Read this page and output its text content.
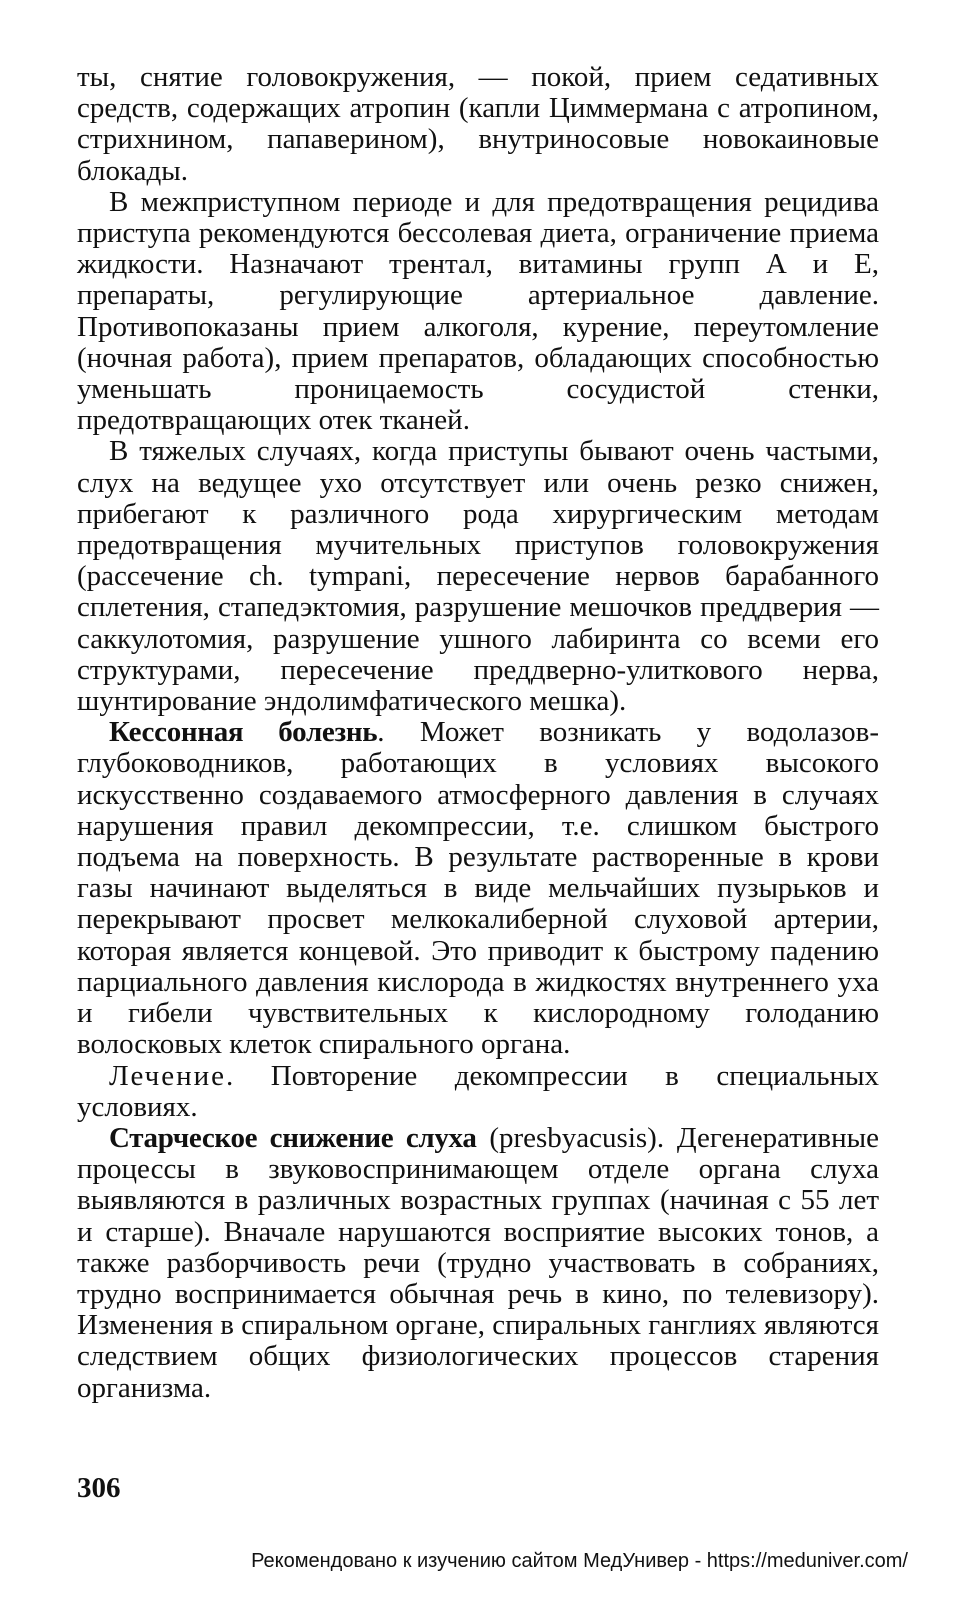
ты, снятие головокружения, — покой, прием седативных средств, содержащих атропин (капли Циммермана с атропином, стрихнином, папаверином), внутриносовые новокаиновые блокады.

В межприступном периоде и для предотвращения рецидива приступа рекомендуются бессолевая диета, ограничение приема жидкости. Назначают трентал, витамины групп А и Е, препараты, регулирующие артериальное давление. Противопоказаны прием алкоголя, курение, переутомление (ночная работа), прием препаратов, обладающих способностью уменьшать проницаемость сосудистой стенки, предотвращающих отек тканей.

В тяжелых случаях, когда приступы бывают очень частыми, слух на ведущее ухо отсутствует или очень резко снижен, прибегают к различного рода хирургическим методам предотвращения мучительных приступов головокружения (рассечение ch. tympani, пересечение нервов барабанного сплетения, стапедэктомия, разрушение мешочков преддверия — саккулотомия, разрушение ушного лабиринта со всеми его структурами, пересечение преддверно-улиткового нерва, шунтирование эндолимфатического мешка).

Кессонная болезнь. Может возникать у водолазов-глубоководников, работающих в условиях высокого искусственно создаваемого атмосферного давления в случаях нарушения правил декомпрессии, т.е. слишком быстрого подъема на поверхность. В результате растворенные в крови газы начинают выделяться в виде мельчайших пузырьков и перекрывают просвет мелкокалиберной слуховой артерии, которая является концевой. Это приводит к быстрому падению парциального давления кислорода в жидкостях внутреннего уха и гибели чувствительных к кислородному голоданию волосковых клеток спирального органа.

Лечение. Повторение декомпрессии в специальных условиях.

Старческое снижение слуха (presbyacusis). Дегенеративные процессы в звуковоспринимающем отделе органа слуха выявляются в различных возрастных группах (начиная с 55 лет и старше). Вначале нарушаются восприятие высоких тонов, а также разборчивость речи (трудно участвовать в собраниях, трудно воспринимается обычная речь в кино, по телевизору). Изменения в спиральном органе, спиральных ганглиях являются следствием общих физиологических процессов старения организма.

306
Рекомендовано к изучению сайтом МедУнивер - https://meduniver.com/
